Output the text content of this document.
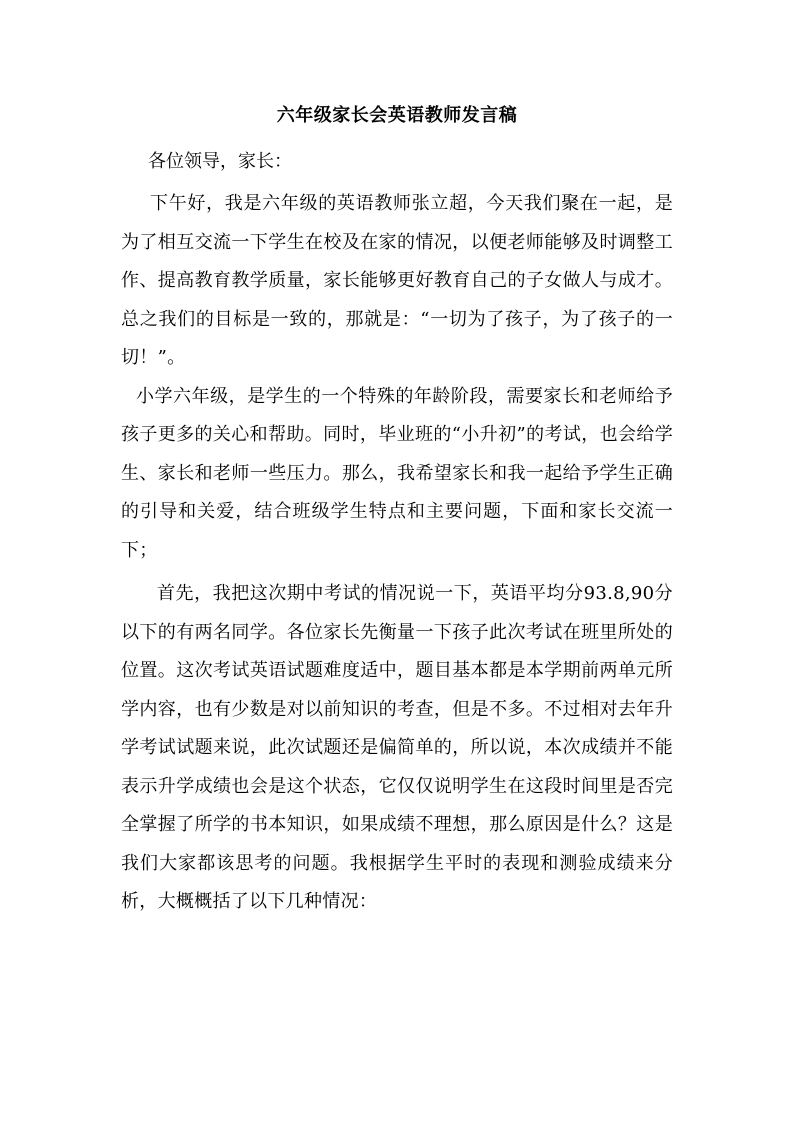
六年级家长会英语教师发言稿

各位领导，家长：

下午好，我是六年级的英语教师张立超，今天我们聚在一起，是为了相互交流一下学生在校及在家的情况，以便老师能够及时调整工作、提高教育教学质量，家长能够更好教育自己的子女做人与成才。总之我们的目标是一致的，那就是：“一切为了孩子，为了孩子的一切！”。

小学六年级，是学生的一个特殊的年龄阶段，需要家长和老师给予孩子更多的关心和帮助。同时，毕业班的“小升初”的考试，也会给学生、家长和老师一些压力。那么，我希望家长和我一起给予学生正确的引导和关爱，结合班级学生特点和主要问题，下面和家长交流一下；

首先，我把这次期中考试的情况说一下，英语平均分93.8,90分以下的有两名同学。各位家长先衡量一下孩子此次考试在班里所处的位置。这次考试英语试题难度适中，题目基本都是本学期前两单元所学内容，也有少数是对以前知识的考查，但是不多。不过相对去年升学考试试题来说，此次试题还是偏简单的，所以说，本次成绩并不能表示升学成绩也会是这个状态，它仅仅说明学生在这段时间里是否完全掌握了所学的书本知识，如果成绩不理想，那么原因是什么？这是我们大家都该思考的问题。我根据学生平时的表现和测验成绩来分析，大概概括了以下几种情况：
